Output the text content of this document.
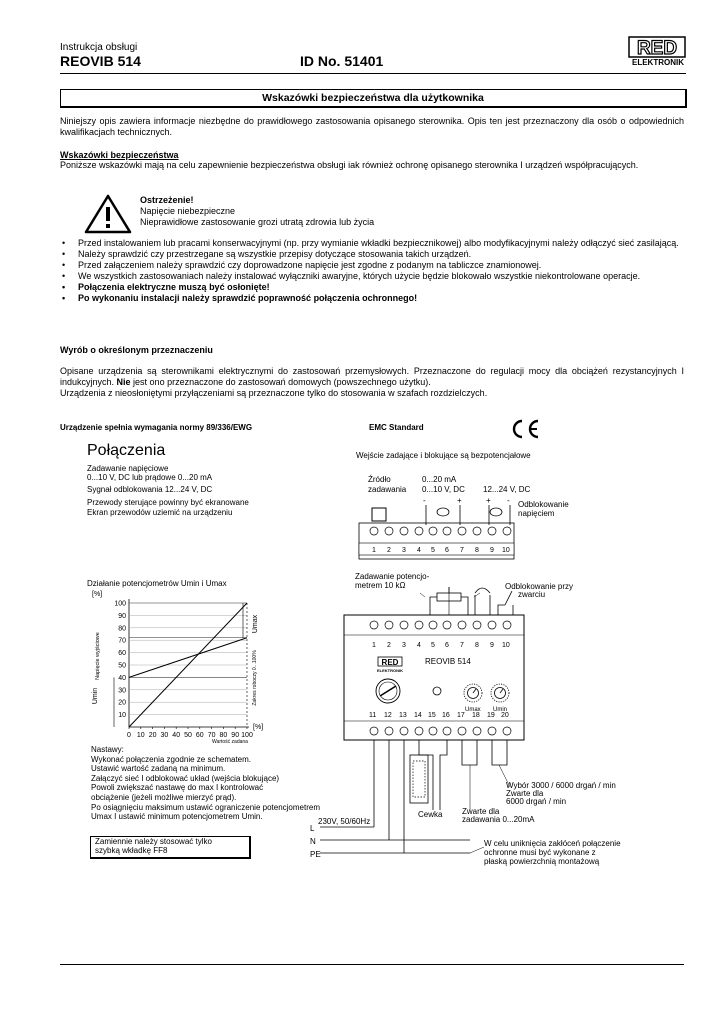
Instrukcja obsługi
REOVIB 514	ID No. 51401
RED
ELEKTRONIK
Wskazówki bezpieczeństwa dla użytkownika
Niniejszy opis zawiera informacje niezbędne do prawidłowego zastosowania opisanego sterownika. Opis ten jest przeznaczony dla osób o odpowiednich kwalifikacjach technicznych.
Wskazówki bezpieczeństwa
Poniższe wskazówki mają na celu zapewnienie bezpieczeństwa obsługi iak również ochronę opisanego sterownika I urządzeń współpracujących.
Ostrzeżenie!
Napięcie niebezpieczne
Nieprawidłowe zastosowanie grozi utratą zdrowia lub życia
• Przed instalowaniem lub pracami konserwacyjnymi (np. przy wymianie wkładki bezpiecznikowej) albo modyfikacyjnymi należy odłączyć sieć zasilającą.
• Należy sprawdzić czy przestrzegane są wszystkie przepisy dotyczące stosowania takich urządzeń.
• Przed załączeniem należy sprawdzić czy doprowadzone napięcie jest zgodne z podanym na tabliczce znamionowej.
• We wszystkich zastosowaniach należy instalować wyłączniki awaryjne, których użycie będzie blokowało wszystkie niekontrolowane operacje.
• Połączenia elektryczne muszą być osłonięte!
• Po wykonaniu instalacji należy sprawdzić poprawność połączenia ochronnego!
Wyrób o określonym przeznaczeniu
Opisane urządzenia są sterownikami elektrycznymi do zastosowań przemysłowych. Przeznaczone do regulacji mocy dla obciążeń rezystancyjnych I indukcyjnych. Nie jest ono przeznaczone do zastosowań domowych (powszechnego użytku).
Urządzenia z nieosłoniętymi przyłączeniami są przeznaczone tylko do stosowania w szafach rozdzielczych.
Urządzenie spełnia wymagania normy 89/336/EWG	EMC Standard
Połączenia
Zadawanie napięciowe
0...10 V, DC lub prądowe 0...20 mA
Sygnał odblokowania 12...24 V, DC
Przewody sterujące powinny być ekranowane
Ekran przewodów uziemić na urządzeniu
Wejście zadające i blokujące są bezpotencjałowe
Źródło
zadawania
0...20 mA
0...10 V, DC 12...24 V, DC
-	+	+ - Odblokowanie
napięciem
1 2 3 4 5 6 7 8 9 10
Zadawanie potencjo-
metrem 10 kΩ	Odblokowanie przy
zwarciu
1 2 3 4 5 6 7 8 9 10
RED
ELEKTRONIK
REOVIB 514
Umax Umin
11 12 13 14 15 16 17 18 19 20
Cewka
Wybór 3000 / 6000 drgań / min
Zwarte dla
6000 drgań / min
Zwarte dla
zadawania 0...20mA
230V, 50/60Hz
L
N
PE
W celu uniknięcia zakłóceń połączenie
ochronne musi być wykonane z
płaską powierzchnią montażową
Działanie potencjometrów Umin i Umax
[%]
Napięcie wyjściowe
Umin
Umax
Zakres roboczy 0...100%
[%]
Wartość zadana
10
20
30
40
50
60
70
80
90
100
0 10 20 30 40 50 60 70 80 90 100
Nastawy:
Wykonać połączenia zgodnie ze schematem.
Ustawić wartość zadaną na minimum.
Załączyć sieć I odblokować układ (wejścia blokujące)
Powoli zwiększać nastawę do max I kontrolować
obciążenie (jeżeli możliwe mierzyć prąd).
Po osiągnięciu maksimum ustawić ograniczenie potencjometrem
Umax I ustawić minimum potencjometrem Umin.
Zamiennie należy stosować tylko
szybką wkładkę FF8
